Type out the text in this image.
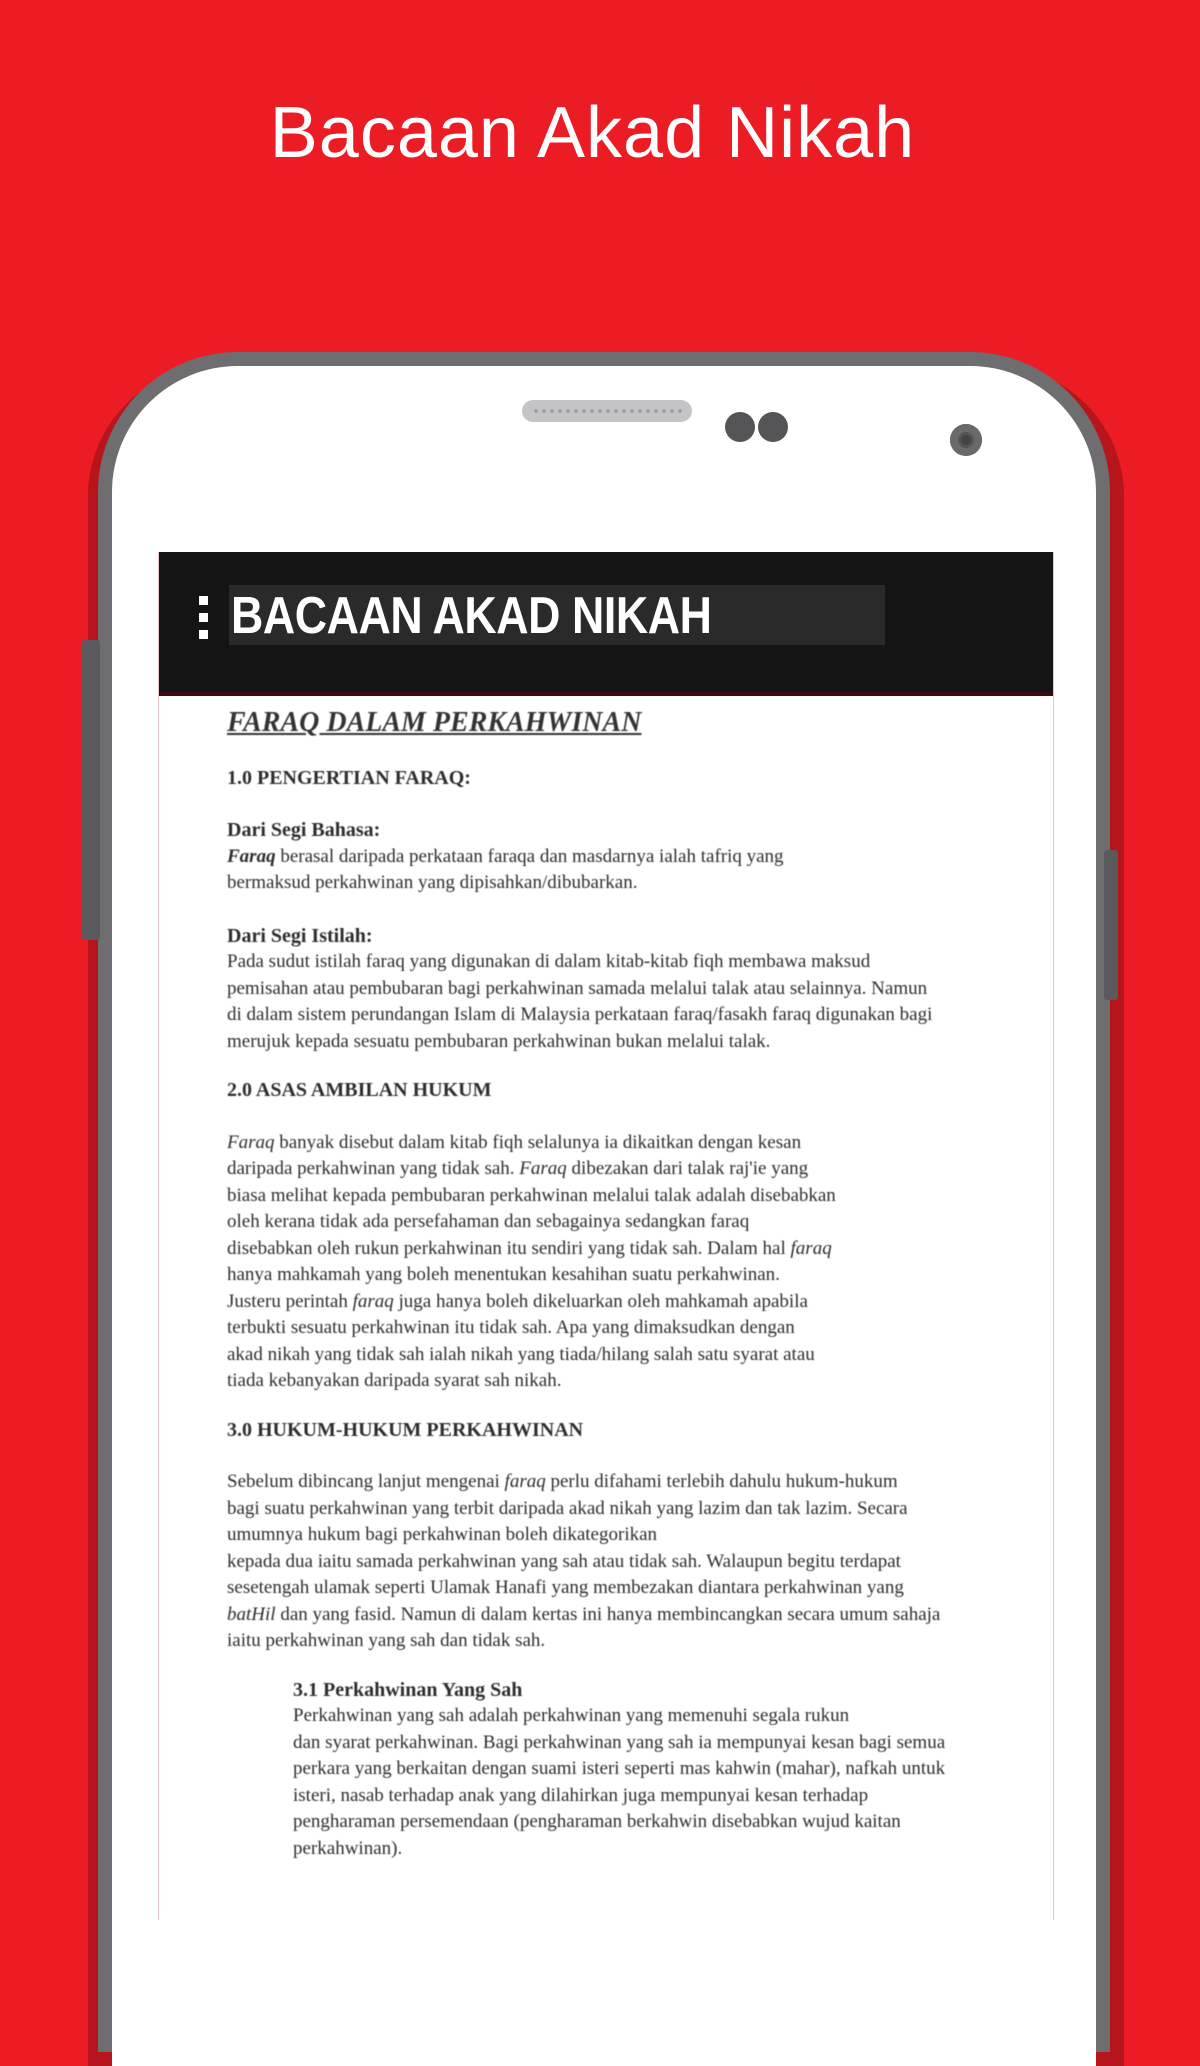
Bacaan Akad Nikah
BACAAN AKAD NIKAH

FARAQ DALAM PERKAHWINAN

1.0 PENGERTIAN FARAQ:

Dari Segi Bahasa:

Faraq berasal daripada perkataan faraqa dan masdarnya ialah tafriq yang

bermaksud perkahwinan yang dipisahkan/dibubarkan.

Dari Segi Istilah:

Pada sudut istilah faraq yang digunakan di dalam kitab-kitab fiqh membawa maksud

pemisahan atau pembubaran bagi perkahwinan samada melalui talak atau selainnya. Namun

di dalam sistem perundangan Islam di Malaysia perkataan faraq/fasakh faraq digunakan bagi

merujuk kepada sesuatu pembubaran perkahwinan bukan melalui talak.

2.0 ASAS AMBILAN HUKUM

Faraq banyak disebut dalam kitab fiqh selalunya ia dikaitkan dengan kesan

daripada perkahwinan yang tidak sah. Faraq dibezakan dari talak raj'ie yang

biasa melihat kepada pembubaran perkahwinan melalui talak adalah disebabkan

oleh kerana tidak ada persefahaman dan sebagainya sedangkan faraq

disebabkan oleh rukun perkahwinan itu sendiri yang tidak sah. Dalam hal faraq

hanya mahkamah yang boleh menentukan kesahihan suatu perkahwinan.

Justeru perintah faraq juga hanya boleh dikeluarkan oleh mahkamah apabila

terbukti sesuatu perkahwinan itu tidak sah. Apa yang dimaksudkan dengan

akad nikah yang tidak sah ialah nikah yang tiada/hilang salah satu syarat atau

tiada kebanyakan daripada syarat sah nikah.

3.0 HUKUM-HUKUM PERKAHWINAN

Sebelum dibincang lanjut mengenai faraq perlu difahami terlebih dahulu hukum-hukum

bagi suatu perkahwinan yang terbit daripada akad nikah yang lazim dan tak lazim. Secara

umumnya hukum bagi perkahwinan boleh dikategorikan

kepada dua iaitu samada perkahwinan yang sah atau tidak sah. Walaupun begitu terdapat

sesetengah ulamak seperti Ulamak Hanafi yang membezakan diantara perkahwinan yang

batHil dan yang fasid. Namun di dalam kertas ini hanya membincangkan secara umum sahaja

iaitu perkahwinan yang sah dan tidak sah.

3.1 Perkahwinan Yang Sah

Perkahwinan yang sah adalah perkahwinan yang memenuhi segala rukun

dan syarat perkahwinan. Bagi perkahwinan yang sah ia mempunyai kesan bagi semua

perkara yang berkaitan dengan suami isteri seperti mas kahwin (mahar), nafkah untuk

isteri, nasab terhadap anak yang dilahirkan juga mempunyai kesan terhadap

pengharaman persemendaan (pengharaman berkahwin disebabkan wujud kaitan

perkahwinan).
